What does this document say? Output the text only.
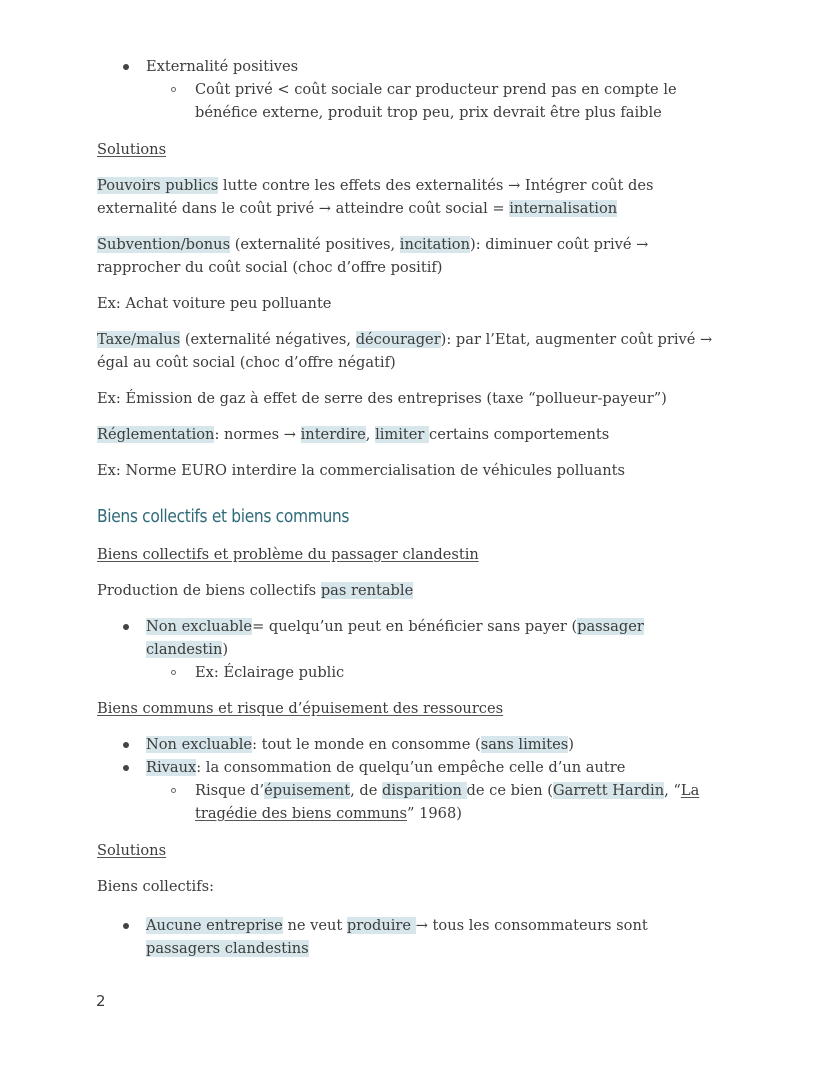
Externalité positives
Coût privé < coût sociale car producteur prend pas en compte le bénéfice externe, produit trop peu, prix devrait être plus faible

Solutions

Pouvoirs publics lutte contre les effets des externalités → Intégrer coût des externalité dans le coût privé → atteindre coût social = internalisation

Subvention/bonus (externalité positives, incitation): diminuer coût privé → rapprocher du coût social (choc d’offre positif)

Ex: Achat voiture peu polluante

Taxe/malus (externalité négatives, décourager): par l’Etat, augmenter coût privé → égal au coût social (choc d’offre négatif)

Ex: Émission de gaz à effet de serre des entreprises (taxe “pollueur-payeur”)

Réglementation: normes → interdire, limiter certains comportements

Ex: Norme EURO interdire la commercialisation de véhicules polluants

Biens collectifs et biens communs

Biens collectifs et problème du passager clandestin

Production de biens collectifs pas rentable

Non excluable= quelqu’un peut en bénéficier sans payer (passager clandestin)
Ex: Éclairage public

Biens communs et risque d’épuisement des ressources

Non excluable: tout le monde en consomme (sans limites)
Rivaux: la consommation de quelqu’un empêche celle d’un autre
Risque d’épuisement, de disparition de ce bien (Garrett Hardin, “La tragédie des biens communs” 1968)

Solutions

Biens collectifs:

Aucune entreprise ne veut produire → tous les consommateurs sont passagers clandestins
2
